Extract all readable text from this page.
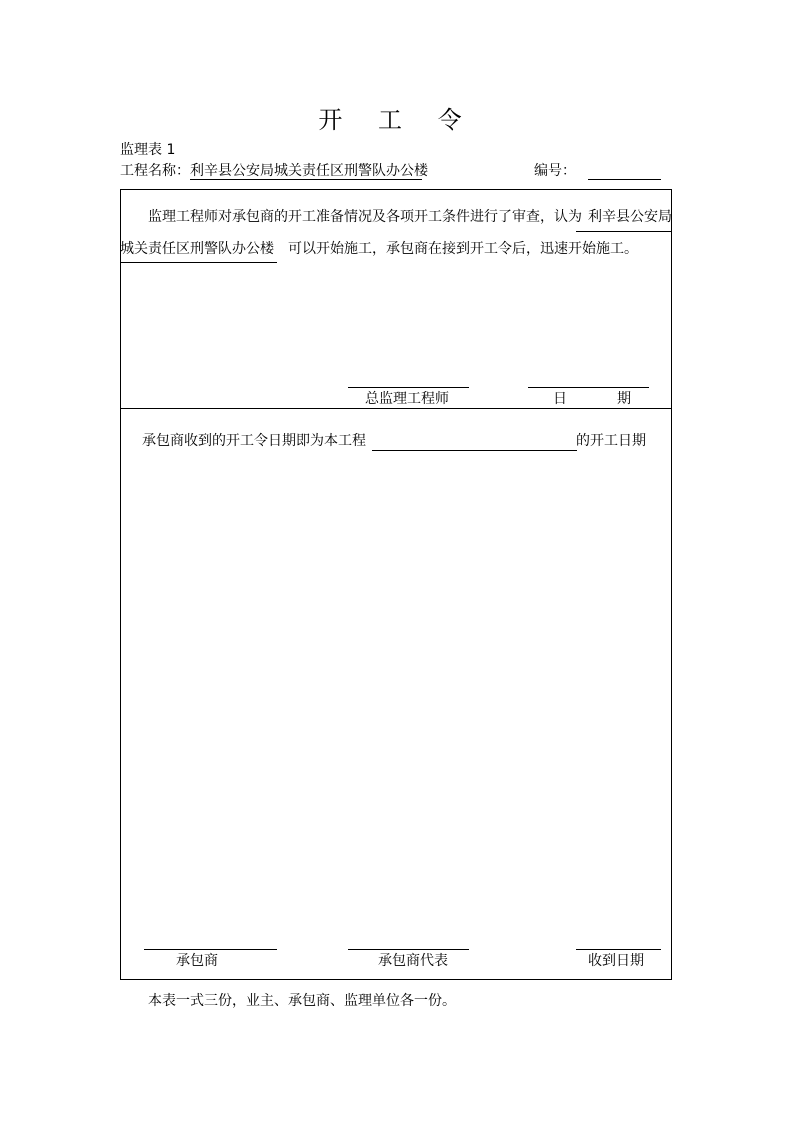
开 工 令
监理表 1
工程名称： 利辛县公安局城关责任区刑警队办公楼	编号：
监理工程师对承包商的开工准备情况及各项开工条件进行了审查，认为 利辛县公安局
城关责任区刑警队办公楼 可以开始施工，承包商在接到开工令后，迅速开始施工。
总监理工程师	日	期
承包商收到的开工令日期即为本工程	的开工日期
承包商	承包商代表	收到日期
本表一式三份，业主、承包商、监理单位各一份。
